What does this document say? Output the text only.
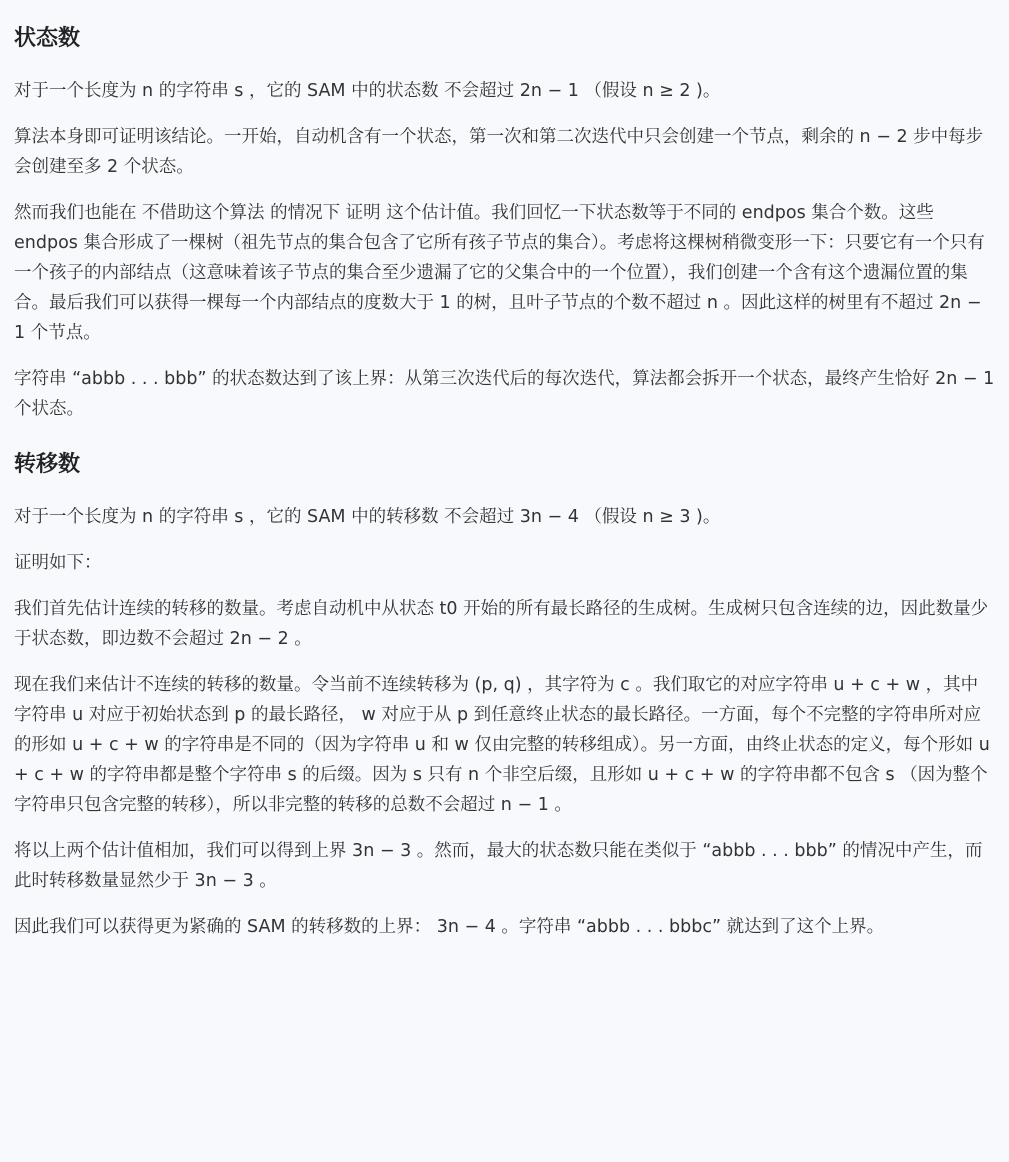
状态数

对于一个长度为 n 的字符串 s ，它的 SAM 中的状态数 不会超过 2n − 1 （假设 n ≥ 2 )。

算法本身即可证明该结论。一开始，自动机含有一个状态，第一次和第二次迭代中只会创建一个节点，剩余的 n − 2 步中每步会创建至多 2 个状态。

然而我们也能在 不借助这个算法 的情况下 证明 这个估计值。我们回忆一下状态数等于不同的 endpos 集合个数。这些 endpos 集合形成了一棵树（祖先节点的集合包含了它所有孩子节点的集合）。考虑将这棵树稍微变形一下：只要它有一个只有一个孩子的内部结点（这意味着该子节点的集合至少遗漏了它的父集合中的一个位置），我们创建一个含有这个遗漏位置的集合。最后我们可以获得一棵每一个内部结点的度数大于 1 的树，且叶子节点的个数不超过 n 。因此这样的树里有不超过 2n − 1 个节点。

字符串 “abbb . . . bbb” 的状态数达到了该上界：从第三次迭代后的每次迭代，算法都会拆开一个状态，最终产生恰好 2n − 1 个状态。

转移数

对于一个长度为 n 的字符串 s ，它的 SAM 中的转移数 不会超过 3n − 4 （假设 n ≥ 3 )。

证明如下：

我们首先估计连续的转移的数量。考虑自动机中从状态 t0 开始的所有最长路径的生成树。生成树只包含连续的边，因此数量少于状态数，即边数不会超过 2n − 2 。

现在我们来估计不连续的转移的数量。令当前不连续转移为 (p, q) ，其字符为 c 。我们取它的对应字符串 u + c + w ，其中字符串 u 对应于初始状态到 p 的最长路径， w 对应于从 p 到任意终止状态的最长路径。一方面，每个不完整的字符串所对应的形如 u + c + w 的字符串是不同的（因为字符串 u 和 w 仅由完整的转移组成）。另一方面，由终止状态的定义，每个形如 u + c + w 的字符串都是整个字符串 s 的后缀。因为 s 只有 n 个非空后缀，且形如 u + c + w 的字符串都不包含 s （因为整个字符串只包含完整的转移），所以非完整的转移的总数不会超过 n − 1 。

将以上两个估计值相加，我们可以得到上界 3n − 3 。然而，最大的状态数只能在类似于 “abbb . . . bbb” 的情况中产生，而此时转移数量显然少于 3n − 3 。

因此我们可以获得更为紧确的 SAM 的转移数的上界： 3n − 4 。字符串 “abbb . . . bbbc” 就达到了这个上界。
